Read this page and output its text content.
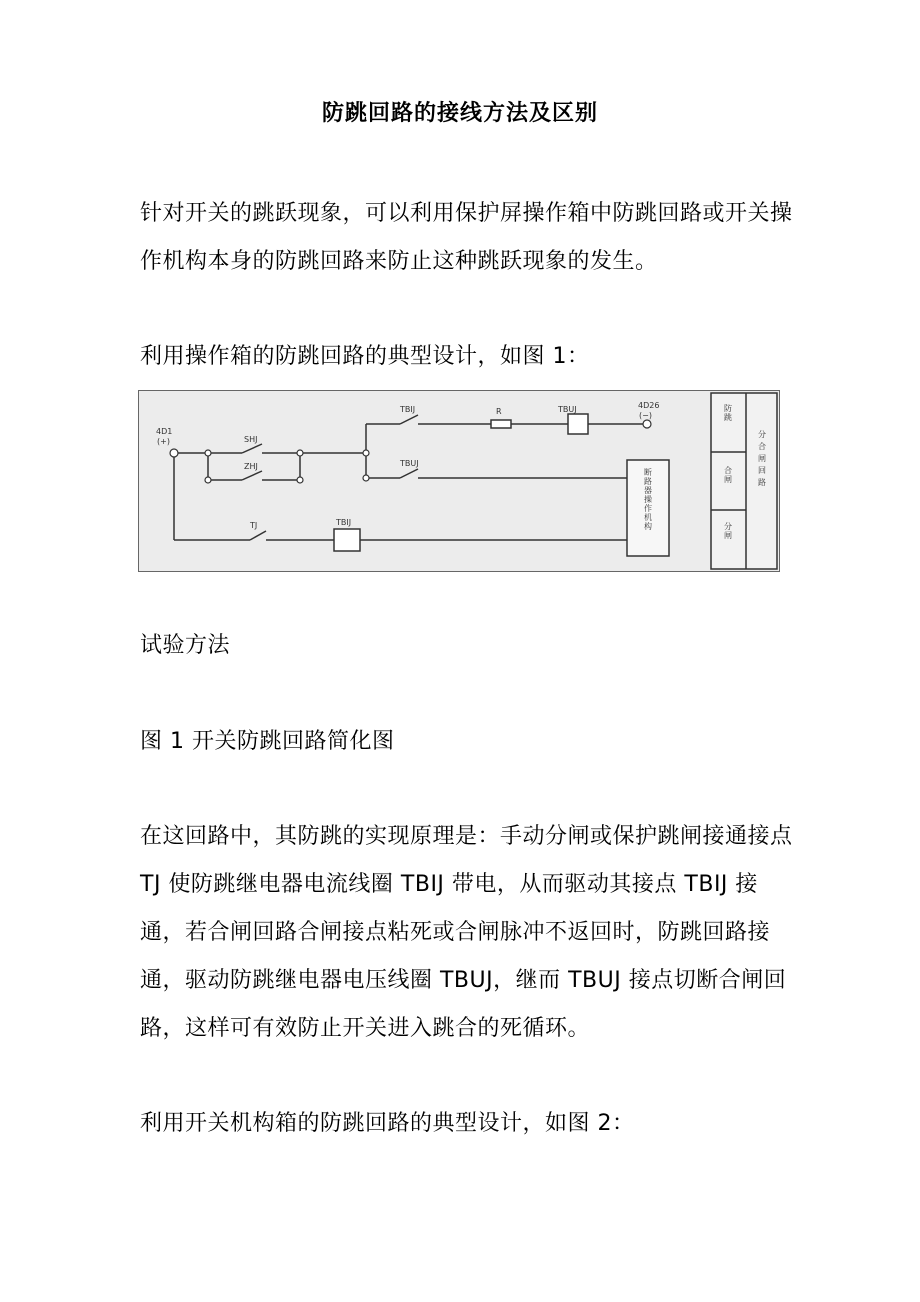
防跳回路的接线方法及区别
针对开关的跳跃现象，可以利用保护屏操作箱中防跳回路或开关操作机构本身的防跳回路来防止这种跳跃现象的发生。
利用操作箱的防跳回路的典型设计，如图 1：
4D1
(+)
4D26
(−)
SHJ
ZHJ
TBIJ	R	TBUJ
TBUJ
TJ	TBIJ	断路器操作机构
防跳
合闸
分闸
分合闸回路
试验方法
图 1 开关防跳回路简化图
在这回路中，其防跳的实现原理是：手动分闸或保护跳闸接通接点 TJ 使防跳继电器电流线圈 TBIJ 带电，从而驱动其接点 TBIJ 接通，若合闸回路合闸接点粘死或合闸脉冲不返回时，防跳回路接通，驱动防跳继电器电压线圈 TBUJ，继而 TBUJ 接点切断合闸回路，这样可有效防止开关进入跳合的死循环。
利用开关机构箱的防跳回路的典型设计，如图 2：
